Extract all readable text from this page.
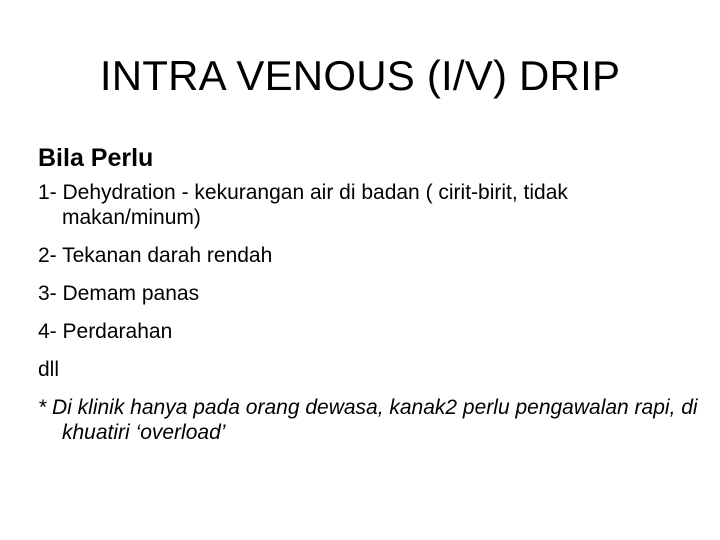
INTRA VENOUS (I/V) DRIP
Bila Perlu
1- Dehydration - kekurangan air di badan ( cirit-birit, tidak makan/minum)
2- Tekanan darah rendah
3- Demam panas
4- Perdarahan
dll
* Di klinik hanya pada orang dewasa, kanak2 perlu pengawalan rapi, di khuatiri ‘overload’
